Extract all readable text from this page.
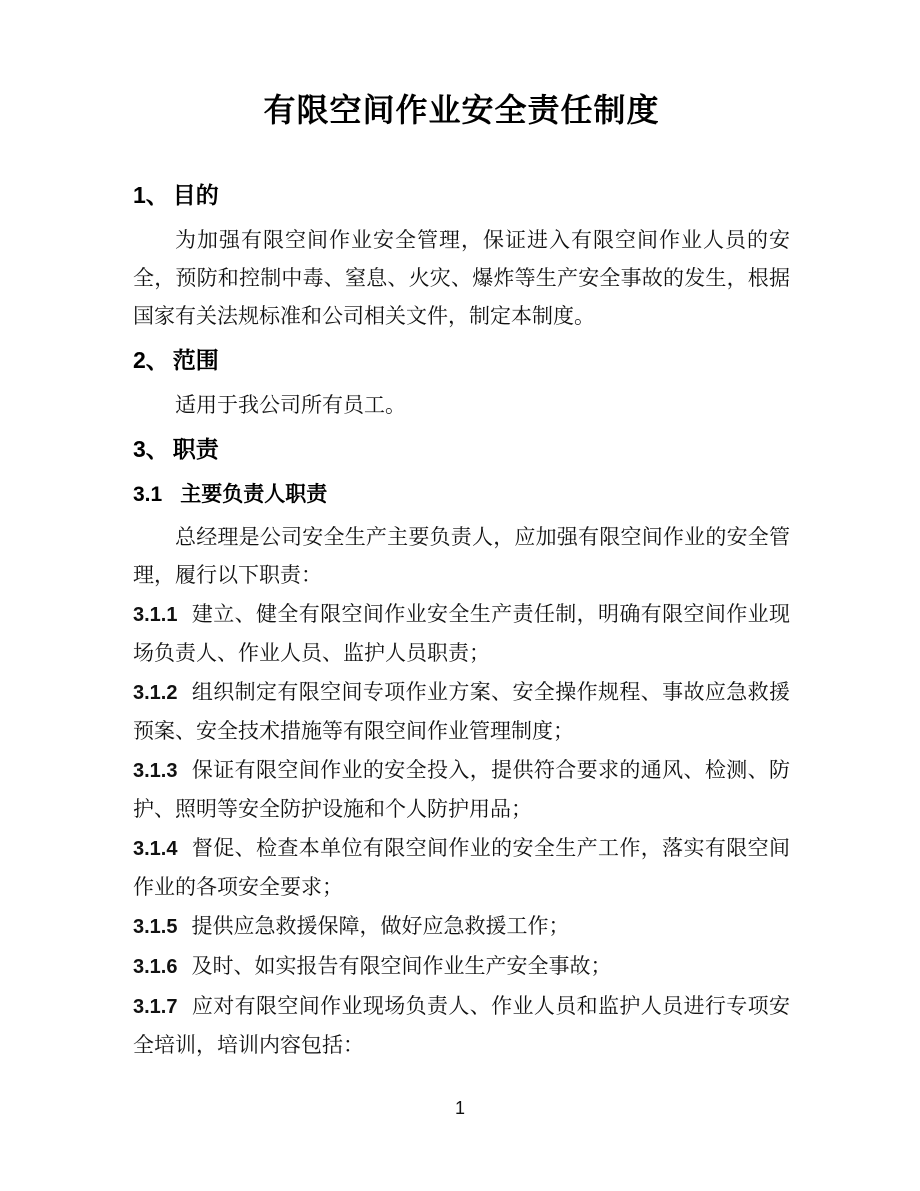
有限空间作业安全责任制度
1、 目的

为加强有限空间作业安全管理，保证进入有限空间作业人员的安全，预防和控制中毒、窒息、火灾、爆炸等生产安全事故的发生，根据国家有关法规标准和公司相关文件，制定本制度。

2、 范围

适用于我公司所有员工。

3、 职责
3.1 主要负责人职责

总经理是公司安全生产主要负责人，应加强有限空间作业的安全管理，履行以下职责：

3.1.1 建立、健全有限空间作业安全生产责任制，明确有限空间作业现场负责人、作业人员、监护人员职责；

3.1.2 组织制定有限空间专项作业方案、安全操作规程、事故应急救援预案、安全技术措施等有限空间作业管理制度；

3.1.3 保证有限空间作业的安全投入，提供符合要求的通风、检测、防护、照明等安全防护设施和个人防护用品；

3.1.4 督促、检查本单位有限空间作业的安全生产工作，落实有限空间作业的各项安全要求；

3.1.5 提供应急救援保障，做好应急救援工作；

3.1.6 及时、如实报告有限空间作业生产安全事故；

3.1.7 应对有限空间作业现场负责人、作业人员和监护人员进行专项安全培训，培训内容包括：

1
